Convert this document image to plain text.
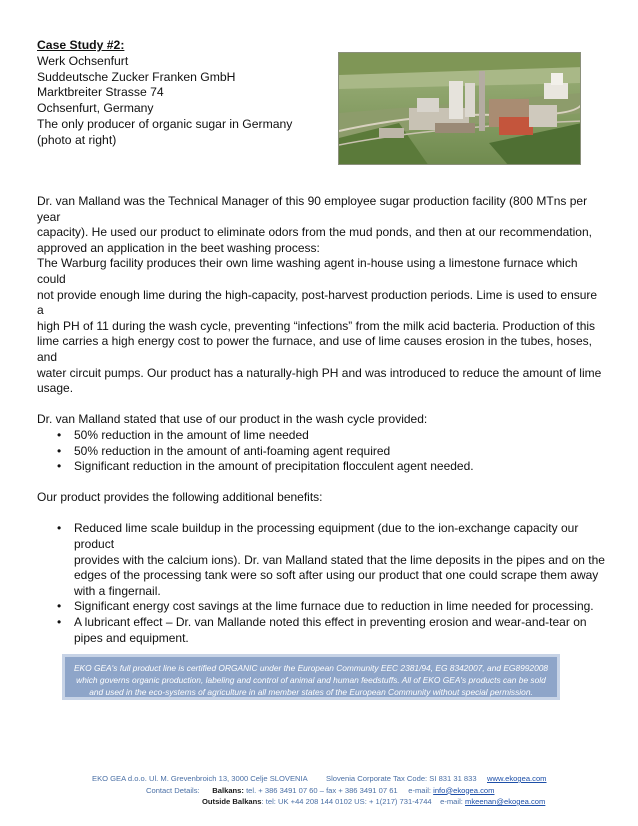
Case Study #2:
Werk Ochsenfurt
Suddeutsche Zucker Franken GmbH
Marktbreiter Strasse 74
Ochsenfurt, Germany
The only producer of organic sugar in Germany
(photo at right)

Dr. van Malland was the Technical Manager of this 90 employee sugar production facility (800 MTns per year
capacity). He used our product to eliminate odors from the mud ponds, and then at our recommendation,
approved an application in the beet washing process:
The Warburg facility produces their own lime washing agent in-house using a limestone furnace which could
not provide enough lime during the high-capacity, post-harvest production periods. Lime is used to ensure a
high PH of 11 during the wash cycle, preventing “infections” from the milk acid bacteria. Production of this
lime carries a high energy cost to power the furnace, and use of lime causes erosion in the tubes, hoses, and
water circuit pumps. Our product has a naturally-high PH and was introduced to reduce the amount of lime
usage.

Dr. van Malland stated that use of our product in the wash cycle provided:

• 50% reduction in the amount of lime needed
• 50% reduction in the amount of anti-foaming agent required
• Significant reduction in the amount of precipitation flocculent agent needed.

Our product provides the following additional benefits:

• Reduced lime scale buildup in the processing equipment (due to the ion-exchange capacity our product
provides with the calcium ions). Dr. van Malland stated that the lime deposits in the pipes and on the
edges of the processing tank were so soft after using our product that one could scrape them away
with a fingernail.
• Significant energy cost savings at the lime furnace due to reduction in lime needed for processing.
• A lubricant effect – Dr. van Mallande noted this effect in preventing erosion and wear-and-tear on
pipes and equipment.
EKO GEA's full product line is certified ORGANIC under the European Community EEC 2381/94, EG 8342007, and EG8992008
which governs organic production, labeling and control of animal and human feedstuffs. All of EKO GEA's products can be sold
and used in the eco-systems of agriculture in all member states of the European Community without special permission.
EKO GEA d.o.o. Ul. M. Grevenbroich 13, 3000 Celje SLOVENIA Slovenia Corporate Tax Code: SI 831 31 833 www.ekogea.com
Contact Details: Balkans: tel. + 386 3491 07 60 – fax + 386 3491 07 61 e-mail: info@ekogea.com
Outside Balkans: tel: UK +44 208 144 0102 US: + 1(217) 731-4744 e-mail: mkeenan@ekogea.com
